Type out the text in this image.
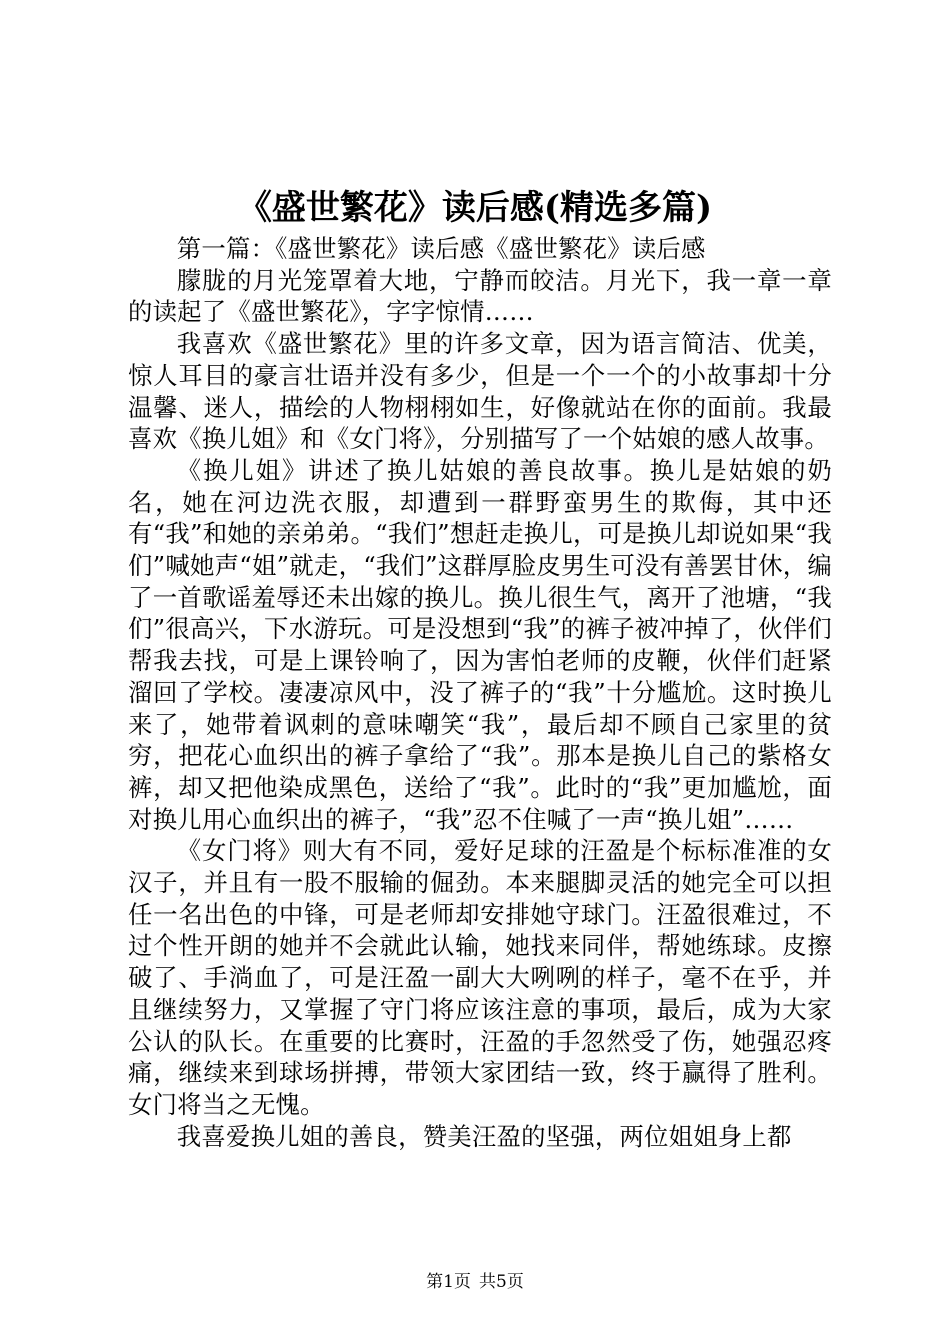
《盛世繁花》读后感(精选多篇)

第一篇：《盛世繁花》读后感《盛世繁花》读后感

朦胧的月光笼罩着大地，宁静而皎洁。月光下，我一章一章的读起了《盛世繁花》，字字惊情……

我喜欢《盛世繁花》里的许多文章，因为语言简洁、优美，惊人耳目的豪言壮语并没有多少，但是一个一个的小故事却十分温馨、迷人，描绘的人物栩栩如生，好像就站在你的面前。我最喜欢《换儿姐》和《女门将》，分别描写了一个姑娘的感人故事。

《换儿姐》讲述了换儿姑娘的善良故事。换儿是姑娘的奶名，她在河边洗衣服，却遭到一群野蛮男生的欺侮，其中还有“我”和她的亲弟弟。“我们”想赶走换儿，可是换儿却说如果“我们”喊她声“姐”就走，“我们”这群厚脸皮男生可没有善罢甘休，编了一首歌谣羞辱还未出嫁的换儿。换儿很生气，离开了池塘，“我们”很高兴，下水游玩。可是没想到“我”的裤子被冲掉了，伙伴们帮我去找，可是上课铃响了，因为害怕老师的皮鞭，伙伴们赶紧溜回了学校。凄凄凉风中，没了裤子的“我”十分尴尬。这时换儿来了，她带着讽刺的意味嘲笑“我”，最后却不顾自己家里的贫穷，把花心血织出的裤子拿给了“我”。那本是换儿自己的紫格女裤，却又把他染成黑色，送给了“我”。此时的“我”更加尴尬，面对换儿用心血织出的裤子，“我”忍不住喊了一声“换儿姐”……

《女门将》则大有不同，爱好足球的汪盈是个标标准准的女汉子，并且有一股不服输的倔劲。本来腿脚灵活的她完全可以担任一名出色的中锋，可是老师却安排她守球门。汪盈很难过，不过个性开朗的她并不会就此认输，她找来同伴，帮她练球。皮擦破了、手淌血了，可是汪盈一副大大咧咧的样子，毫不在乎，并且继续努力，又掌握了守门将应该注意的事项，最后，成为大家公认的队长。在重要的比赛时，汪盈的手忽然受了伤，她强忍疼痛，继续来到球场拼搏，带领大家团结一致，终于赢得了胜利。女门将当之无愧。

我喜爱换儿姐的善良，赞美汪盈的坚强，两位姐姐身上都

第1页 共5页
